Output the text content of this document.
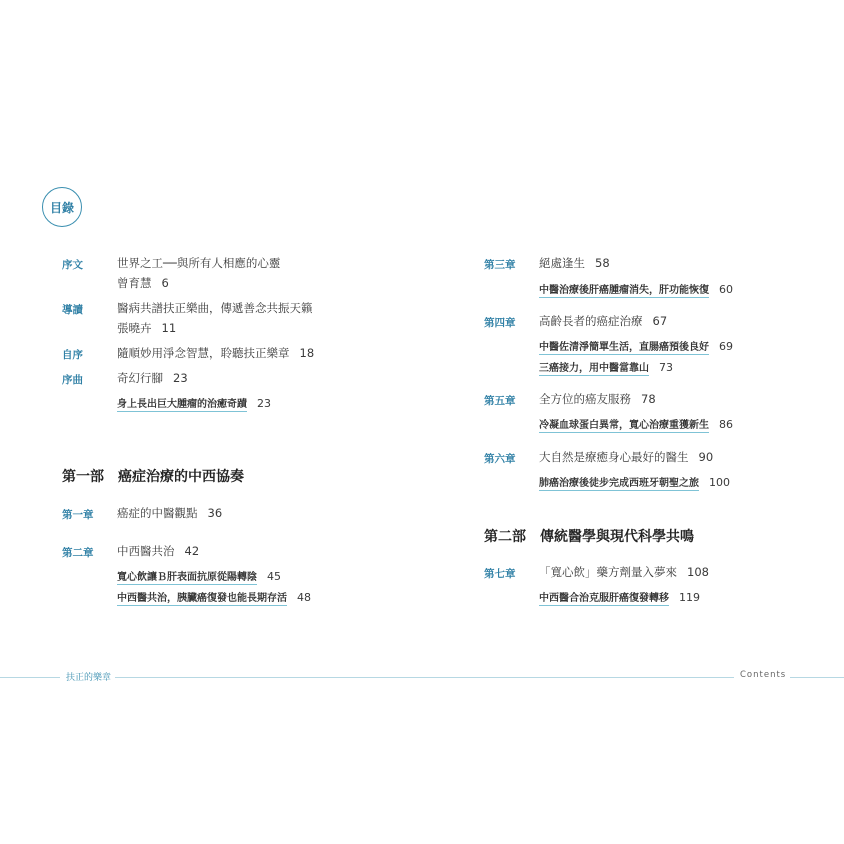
目錄
序文	世界之工──與所有人相應的心靈
曾育慧 6
導讀	醫病共譜扶正樂曲，傳遞善念共振天籟
張曉卉 11
自序	隨順妙用淨念智慧，聆聽扶正樂章 18
序曲	奇幻行腳 23
身上長出巨大腫瘤的治癒奇蹟 23
第一部 癌症治療的中西協奏
第一章 癌症的中醫觀點 36
第二章 中西醫共治 42
寬心飲讓Ｂ肝表面抗原從陽轉陰 45
中西醫共治，胰臟癌復發也能長期存活 48
第三章 絕處逢生 58
中醫治療後肝癌腫瘤消失，肝功能恢復 60
第四章 高齡長者的癌症治療 67
中醫佐清淨簡單生活，直腸癌預後良好 69
三癌接力，用中醫當靠山 73
第五章 全方位的癌友服務 78
冷凝血球蛋白異常，寬心治療重獲新生 86
第六章 大自然是療癒身心最好的醫生 90
肺癌治療後徒步完成西班牙朝聖之旅 100
第二部 傳統醫學與現代科學共鳴
第七章 「寬心飲」藥方劑量入夢來 108
中西醫合治克服肝癌復發轉移 119
扶正的樂章	Contents
